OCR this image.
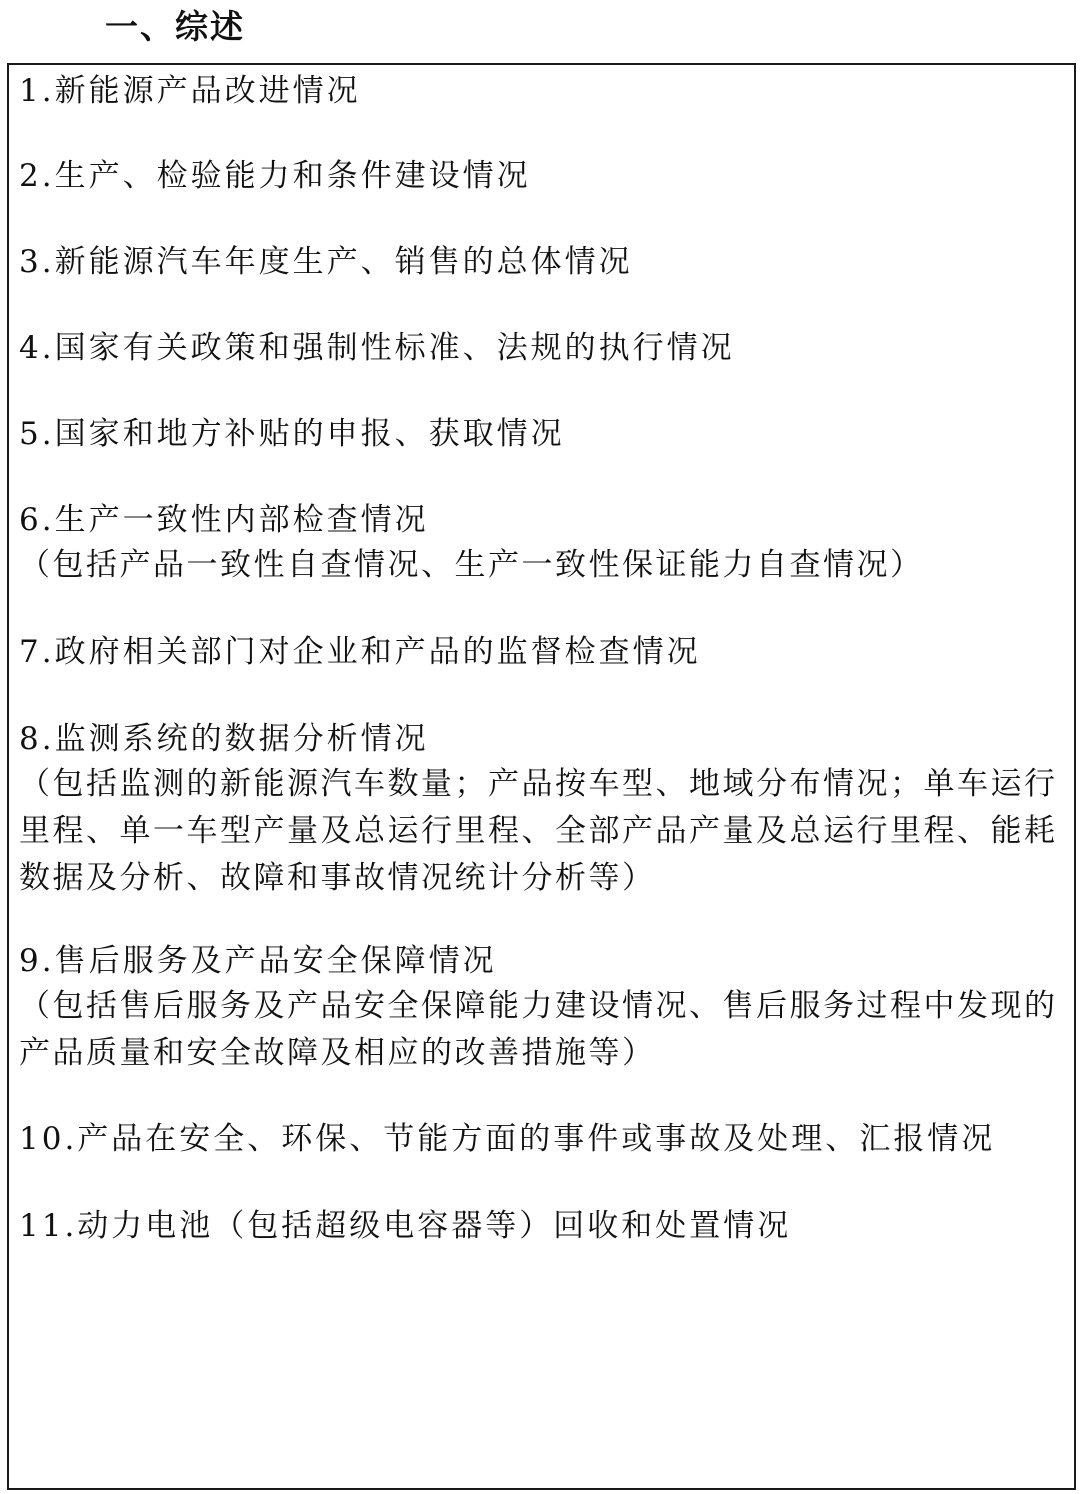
一、综述
1.新能源产品改进情况
2.生产、检验能力和条件建设情况
3.新能源汽车年度生产、销售的总体情况
4.国家有关政策和强制性标准、法规的执行情况
5.国家和地方补贴的申报、获取情况
6.生产一致性内部检查情况
（包括产品一致性自查情况、生产一致性保证能力自查情况）
7.政府相关部门对企业和产品的监督检查情况
8.监测系统的数据分析情况
（包括监测的新能源汽车数量；产品按车型、地域分布情况；单车运行里程、单一车型产量及总运行里程、全部产品产量及总运行里程、能耗数据及分析、故障和事故情况统计分析等）
9.售后服务及产品安全保障情况
（包括售后服务及产品安全保障能力建设情况、售后服务过程中发现的产品质量和安全故障及相应的改善措施等）
10.产品在安全、环保、节能方面的事件或事故及处理、汇报情况
11.动力电池（包括超级电容器等）回收和处置情况
